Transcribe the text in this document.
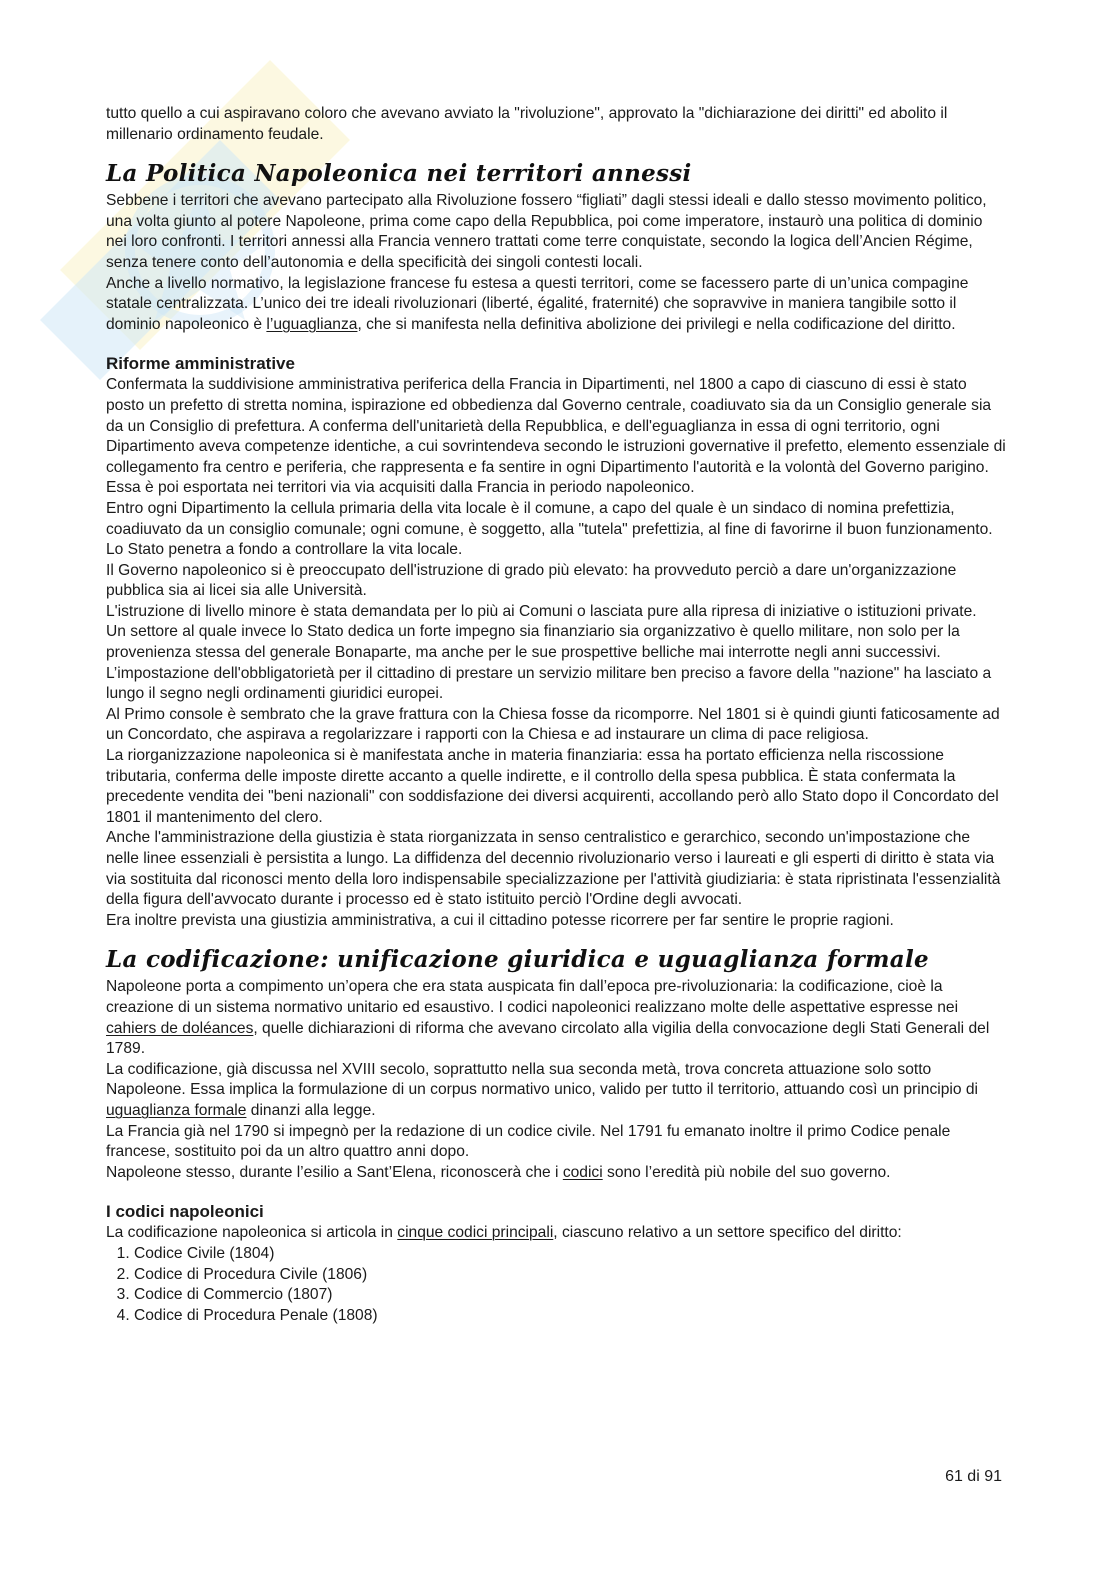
tutto quello a cui aspiravano coloro che avevano avviato la "rivoluzione", approvato la "dichiarazione dei diritti" ed abolito il millenario ordinamento feudale.

La Politica Napoleonica nei territori annessi

Sebbene i territori che avevano partecipato alla Rivoluzione fossero “figliati” dagli stessi ideali e dallo stesso movimento politico, una volta giunto al potere Napoleone, prima come capo della Repubblica, poi come imperatore, instaurò una politica di dominio nei loro confronti. I territori annessi alla Francia vennero trattati come terre conquistate, secondo la logica dell’Ancien Régime, senza tenere conto dell’autonomia e della specificità dei singoli contesti locali.

Anche a livello normativo, la legislazione francese fu estesa a questi territori, come se facessero parte di un’unica compagine statale centralizzata. L’unico dei tre ideali rivoluzionari (liberté, égalité, fraternité) che sopravvive in maniera tangibile sotto il dominio napoleonico è l’uguaglianza, che si manifesta nella definitiva abolizione dei privilegi e nella codificazione del diritto.

Riforme amministrative

Confermata la suddivisione amministrativa periferica della Francia in Dipartimenti, nel 1800 a capo di ciascuno di essi è stato posto un prefetto di stretta nomina, ispirazione ed obbedienza dal Governo centrale, coadiuvato sia da un Consiglio generale sia da un Consiglio di prefettura. A conferma dell'unitarietà della Repubblica, e dell'eguaglianza in essa di ogni territorio, ogni Dipartimento aveva competenze identiche, a cui sovrintendeva secondo le istruzioni governative il prefetto, elemento essenziale di collegamento fra centro e periferia, che rappresenta e fa sentire in ogni Dipartimento l'autorità e la volontà del Governo parigino.

Essa è poi esportata nei territori via via acquisiti dalla Francia in periodo napoleonico.

Entro ogni Dipartimento la cellula primaria della vita locale è il comune, a capo del quale è un sindaco di nomina prefettizia, coadiuvato da un consiglio comunale; ogni comune, è soggetto, alla "tutela" prefettizia, al fine di favorirne il buon funzionamento. Lo Stato penetra a fondo a controllare la vita locale.

Il Governo napoleonico si è preoccupato dell'istruzione di grado più elevato: ha provveduto perciò a dare un'organizzazione pubblica sia ai licei sia alle Università.

L'istruzione di livello minore è stata demandata per lo più ai Comuni o lasciata pure alla ripresa di iniziative o istituzioni private.

Un settore al quale invece lo Stato dedica un forte impegno sia finanziario sia organizzativo è quello militare, non solo per la provenienza stessa del generale Bonaparte, ma anche per le sue prospettive belliche mai interrotte negli anni successivi.

L’impostazione dell'obbligatorietà per il cittadino di prestare un servizio militare ben preciso a favore della "nazione" ha lasciato a lungo il segno negli ordinamenti giuridici europei.

Al Primo console è sembrato che la grave frattura con la Chiesa fosse da ricomporre. Nel 1801 si è quindi giunti faticosamente ad un Concordato, che aspirava a regolarizzare i rapporti con la Chiesa e ad instaurare un clima di pace religiosa.

La riorganizzazione napoleonica si è manifestata anche in materia finanziaria: essa ha portato efficienza nella riscossione tributaria, conferma delle imposte dirette accanto a quelle indirette, e il controllo della spesa pubblica. È stata confermata la precedente vendita dei "beni nazionali" con soddisfazione dei diversi acquirenti, accollando però allo Stato dopo il Concordato del 1801 il mantenimento del clero.

Anche l'amministrazione della giustizia è stata riorganizzata in senso centralistico e gerarchico, secondo un'impostazione che nelle linee essenziali è persistita a lungo. La diffidenza del decennio rivoluzionario verso i laureati e gli esperti di diritto è stata via via sostituita dal riconosci mento della loro indispensabile specializzazione per l'attività giudiziaria: è stata ripristinata l'essenzialità della figura dell'avvocato durante i processo ed è stato istituito perciò l'Ordine degli avvocati.

Era inoltre prevista una giustizia amministrativa, a cui il cittadino potesse ricorrere per far sentire le proprie ragioni.

La codificazione: unificazione giuridica e uguaglianza formale

Napoleone porta a compimento un’opera che era stata auspicata fin dall’epoca pre-rivoluzionaria: la codificazione, cioè la creazione di un sistema normativo unitario ed esaustivo. I codici napoleonici realizzano molte delle aspettative espresse nei cahiers de doléances, quelle dichiarazioni di riforma che avevano circolato alla vigilia della convocazione degli Stati Generali del 1789.

La codificazione, già discussa nel XVIII secolo, soprattutto nella sua seconda metà, trova concreta attuazione solo sotto Napoleone. Essa implica la formulazione di un corpus normativo unico, valido per tutto il territorio, attuando così un principio di uguaglianza formale dinanzi alla legge.

La Francia già nel 1790 si impegnò per la redazione di un codice civile. Nel 1791 fu emanato inoltre il primo Codice penale francese, sostituito poi da un altro quattro anni dopo.

Napoleone stesso, durante l’esilio a Sant’Elena, riconoscerà che i codici sono l’eredità più nobile del suo governo.

I codici napoleonici

La codificazione napoleonica si articola in cinque codici principali, ciascuno relativo a un settore specifico del diritto:

1. Codice Civile (1804)
2. Codice di Procedura Civile (1806)
3. Codice di Commercio (1807)
4. Codice di Procedura Penale (1808)
61 di 91
